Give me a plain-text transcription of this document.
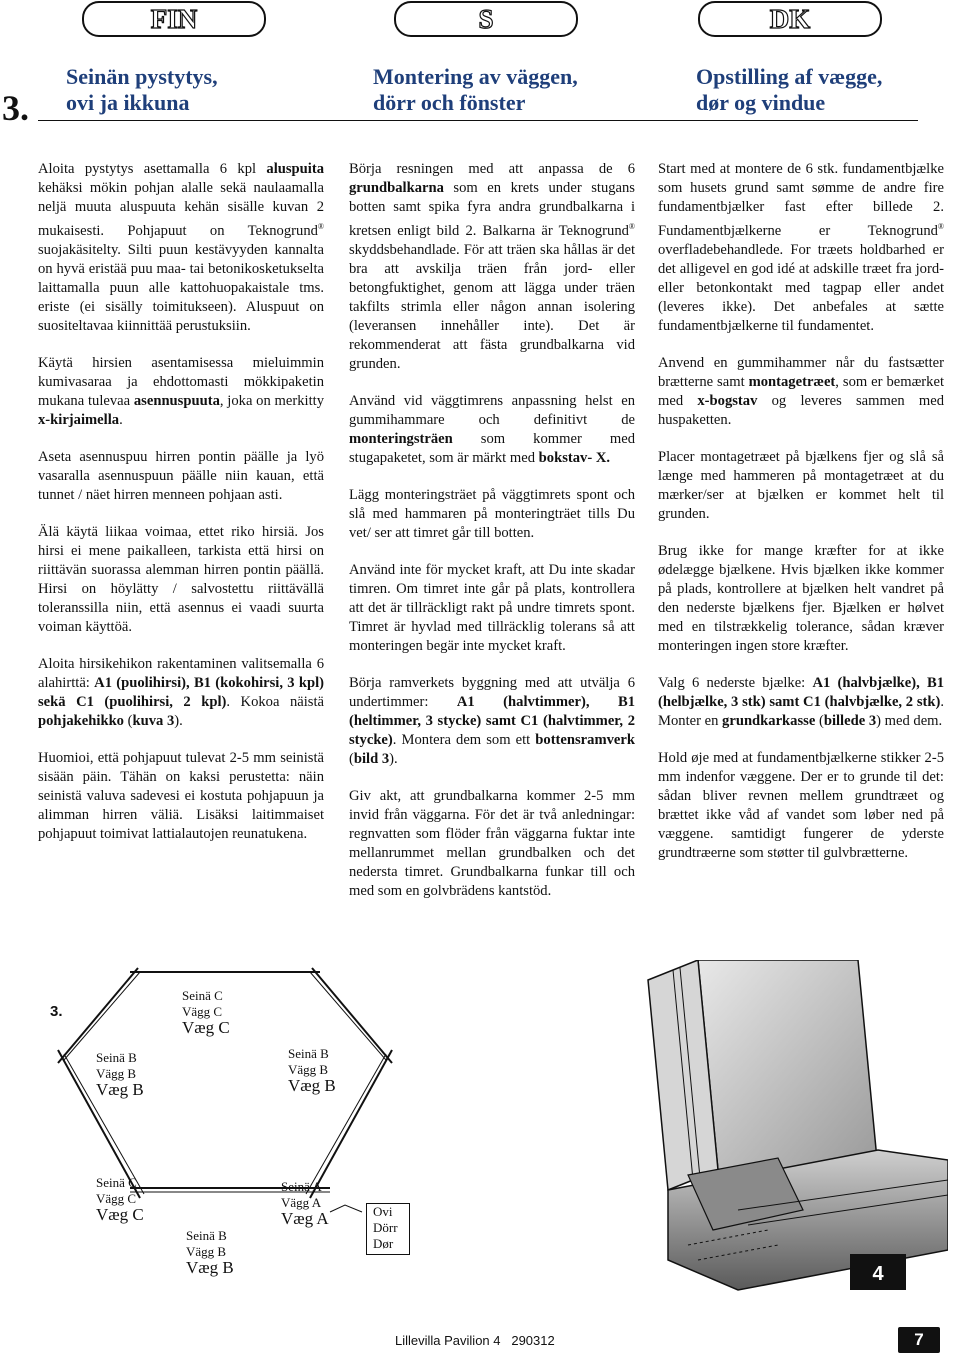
FIN	S	DK
3.
Seinän pystytys,
ovi ja ikkuna
Montering av väggen,
dörr och fönster
Opstilling af vægge,
dør og vindue

Aloita pystytys asettamalla 6 kpl aluspuita kehäksi mökin pohjan alalle sekä naulaamalla neljä muuta aluspuuta kehän sisälle kuvan 2 mukaisesti. Pohjapuut on Teknogrund® suojakäsitelty. Silti puun kestävyyden kannalta on hyvä eristää puu maa- tai betonikosketukselta laittamalla puun alle kattohuopakaistale tms. eriste (ei sisälly toimitukseen). Aluspuut on suositeltavaa kiinnittää perustuksiin.

Käytä hirsien asentamisessa mieluimmin kumivasaraa ja ehdottomasti mökkipaketin mukana tulevaa asennuspuuta, joka on merkitty x-kirjaimella.

Aseta asennuspuu hirren pontin päälle ja lyö vasaralla asennuspuun päälle niin kauan, että tunnet / näet hirren menneen pohjaan asti.

Älä käytä liikaa voimaa, ettet riko hirsiä. Jos hirsi ei mene paikalleen, tarkista että hirsi on riittävän suorassa alemman hirren pontin päällä. Hirsi on höylätty / salvostettu riittävällä toleranssilla niin, että asennus ei vaadi suurta voiman käyttöä.

Aloita hirsikehikon rakentaminen valitsemalla 6 alahirttä: A1 (puolihirsi), B1 (kokohirsi, 3 kpl) sekä C1 (puolihirsi, 2 kpl). Kokoa näistä pohjakehikko (kuva 3).

Huomioi, että pohjapuut tulevat 2-5 mm seinistä sisään päin. Tähän on kaksi perustetta: näin seinistä valuva sadevesi ei kostuta pohjapuun ja alimman hirren väliä. Lisäksi laitimmaiset pohjapuut toimivat lattialautojen reunatukena.

Börja resningen med att anpassa de 6 grundbalkarna som en krets under stugans botten samt spika fyra andra grundbalkarna i kretsen enligt bild 2. Balkarna är Teknogrund® skyddsbehandlade. För att träen ska hållas är det bra att avskilja träen från jord- eller betongfuktighet, genom att lägga under träen takfilts strimla eller någon annan isolering (leveransen innehåller inte). Det är rekommenderat att fästa grundbalkarna vid grunden.

Använd vid väggtimrens anpassning helst en gummihammare och definitivt de monteringsträen som kommer med stugapaketet, som är märkt med bokstav- X.

Lägg monteringsträet på väggtimrets spont och slå med hammaren på monteringträet tills Du vet/ ser att timret går till botten.

Använd inte för mycket kraft, att Du inte skadar timren. Om timret inte går på plats, kontrollera att det är tillräckligt rakt på undre timrets spont. Timret är hyvlad med tillräcklig tolerans så att monteringen begär inte mycket kraft.

Börja ramverkets byggning med att utvälja 6 undertimmer: A1 (halvtimmer), B1 (heltimmer, 3 stycke) samt C1 (halvtimmer, 2 stycke). Montera dem som ett bottensramverk (bild 3).

Giv akt, att grundbalkarna kommer 2-5 mm invid från väggarna. För det är två anledningar: regnvatten som flöder från väggarna fuktar inte mellanrummet mellan grundbalken och det nedersta timret. Grundbalkarna funkar till och med som en golvbrädens kantstöd.

Start med at montere de 6 stk. fundamentbjælke som husets grund samt sømme de andre fire fundamentbjælker fast efter billede 2. Fundamentbjælkerne er Teknogrund® overfladebehandlede. For træets holdbarhed er det alligevel en god idé at adskille træet fra jord- eller betonkontakt med tagpap eller andet (leveres ikke). Det anbefales at sætte fundamentbjælkerne til fundamentet.

Anvend en gummihammer når du fastsætter brætterne samt montagetræet, som er bemærket med x-bogstav og leveres sammen med huspaketten.

Placer montagetræet på bjælkens fjer og slå så længe med hammeren på montagetræet at du mærker/ser at bjælken er kommet helt til grunden.

Brug ikke for mange kræfter for at ikke ødelægge bjælkene. Hvis bjælken ikke kommer på plads, kontrollere at bjælken helt vandret på den nederste bjælkens fjer. Bjælken er hølvet med en tilstrækkelig tolerance, sådan kræver monteringen ingen store kræfter.

Valg 6 nederste bjælke: A1 (halvbjælke), B1 (helbjælke, 3 stk) samt C1 (halvbjælke, 2 stk). Monter en grundkarkasse (billede 3) med dem.

Hold øje med at fundamentbjælkerne stikker 2-5 mm indenfor væggene. Der er to grunde til det: sådan bliver revnen mellem grundtræet og brættet ikke våd af vandet som løber ned på væggene. samtidigt fungerer de yderste grundtræerne som støtter til gulvbrætterne.

3.
Seinä C
Vägg C
Væg C
Seinä B
Vägg B
Væg B
Seinä B
Vägg B
Væg B
Seinä C
Vägg C
Væg C
Seinä B
Vägg B
Væg B
Seinä A
Vägg A
Væg A	Ovi
Dörr
Dør
4
Lillevilla Pavilion 4   290312	7
